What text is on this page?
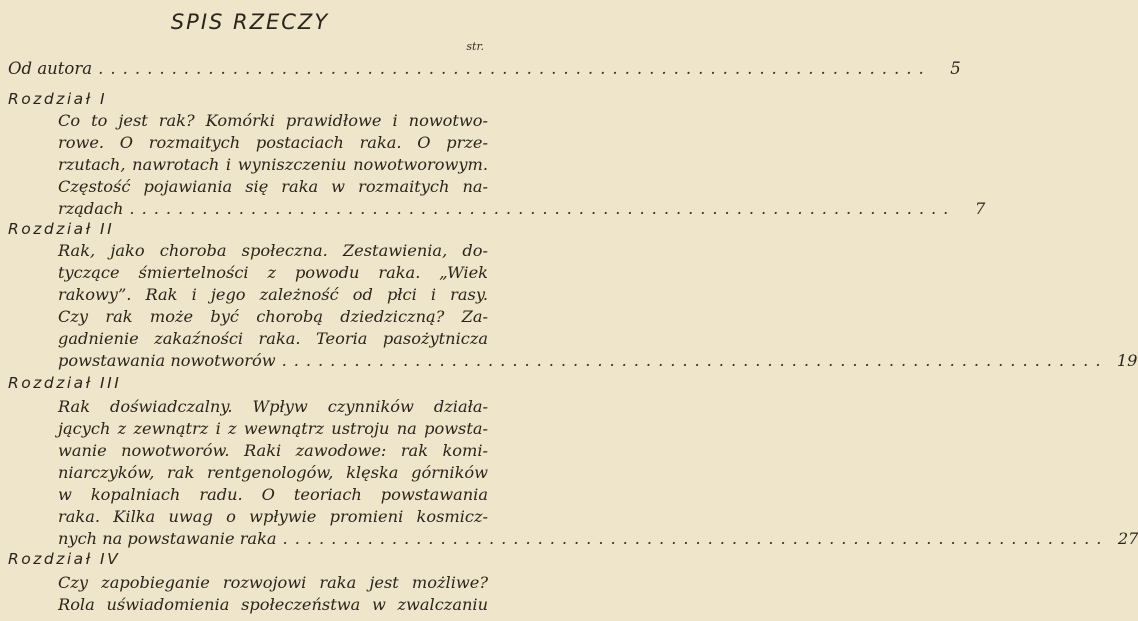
SPIS RZECZY
str.
Od autora ....................................................................	5
Rozdział I
Co to jest rak? Komórki prawidłowe i nowotwo-
rowe. O rozmaitych postaciach raka. O prze-
rzutach, nawrotach i wyniszczeniu nowotworowym.
Częstość pojawiania się raka w rozmaitych na-
rządach ....................................................................	7
Rozdział II
Rak, jako choroba społeczna. Zestawienia, do-
tyczące śmiertelności z powodu raka. „Wiek
rakowy”. Rak i jego zależność od płci i rasy.
Czy rak może być chorobą dziedziczną? Za-
gadnienie zakaźności raka. Teoria pasożytnicza
powstawania nowotworów .................................................................... 19
Rozdział III
Rak doświadczalny. Wpływ czynników działa-
jących z zewnątrz i z wewnątrz ustroju na powsta-
wanie nowotworów. Raki zawodowe: rak komi-
niarczyków, rak rentgenologów, klęska górników
w kopalniach radu. O teoriach powstawania
raka. Kilka uwag o wpływie promieni kosmicz-
nych na powstawanie raka .................................................................... 27
Rozdział IV
Czy zapobieganie rozwojowi raka jest możliwe?
Rola uświadomienia społeczeństwa w zwalczaniu
